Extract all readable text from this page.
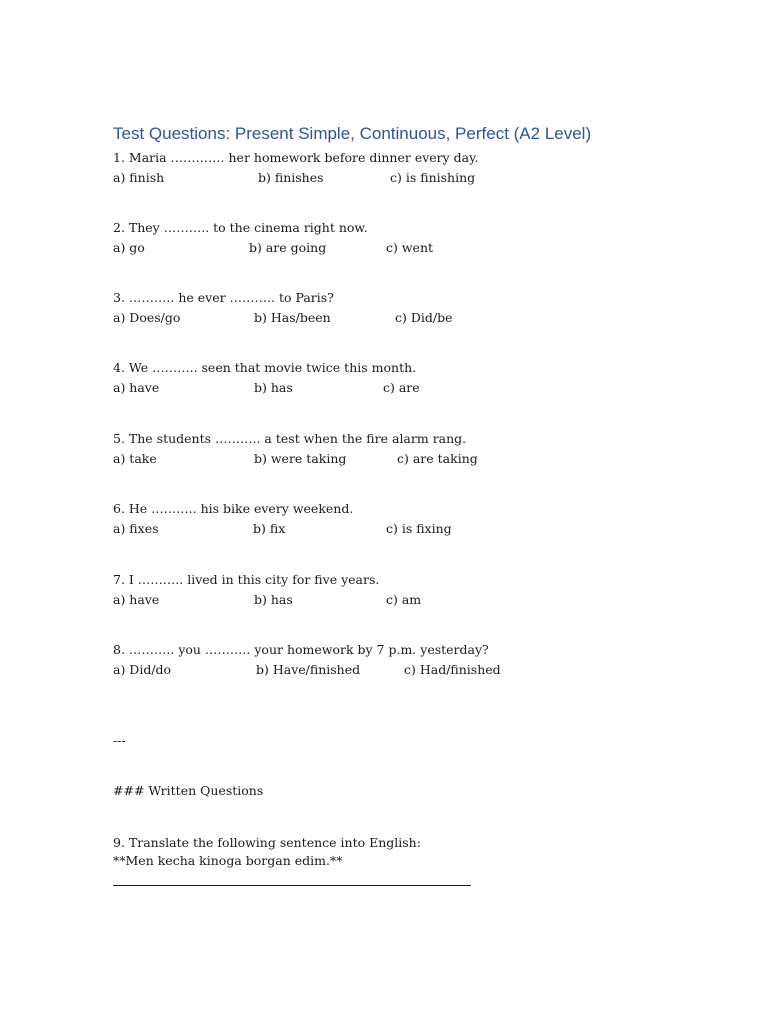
Test Questions: Present Simple, Continuous, Perfect (A2 Level)
1. Maria …………. her homework before dinner every day.
a) finish	b) finishes	c) is finishing
2. They ……….. to the cinema right now.
a) go	b) are going	c) went
3. ……….. he ever ……….. to Paris?
a) Does/go	b) Has/been	c) Did/be
4. We ……….. seen that movie twice this month.
a) have	b) has	c) are
5. The students ……….. a test when the fire alarm rang.
a) take	b) were taking	c) are taking
6. He ……….. his bike every weekend.
a) fixes	b) fix	c) is fixing
7. I ……….. lived in this city for five years.
a) have	b) has	c) am
8. ……….. you ……….. your homework by 7 p.m. yesterday?
a) Did/do	b) Have/finished	c) Had/finished
---
### Written Questions
9. Translate the following sentence into English:
**Men kecha kinoga borgan edim.**
